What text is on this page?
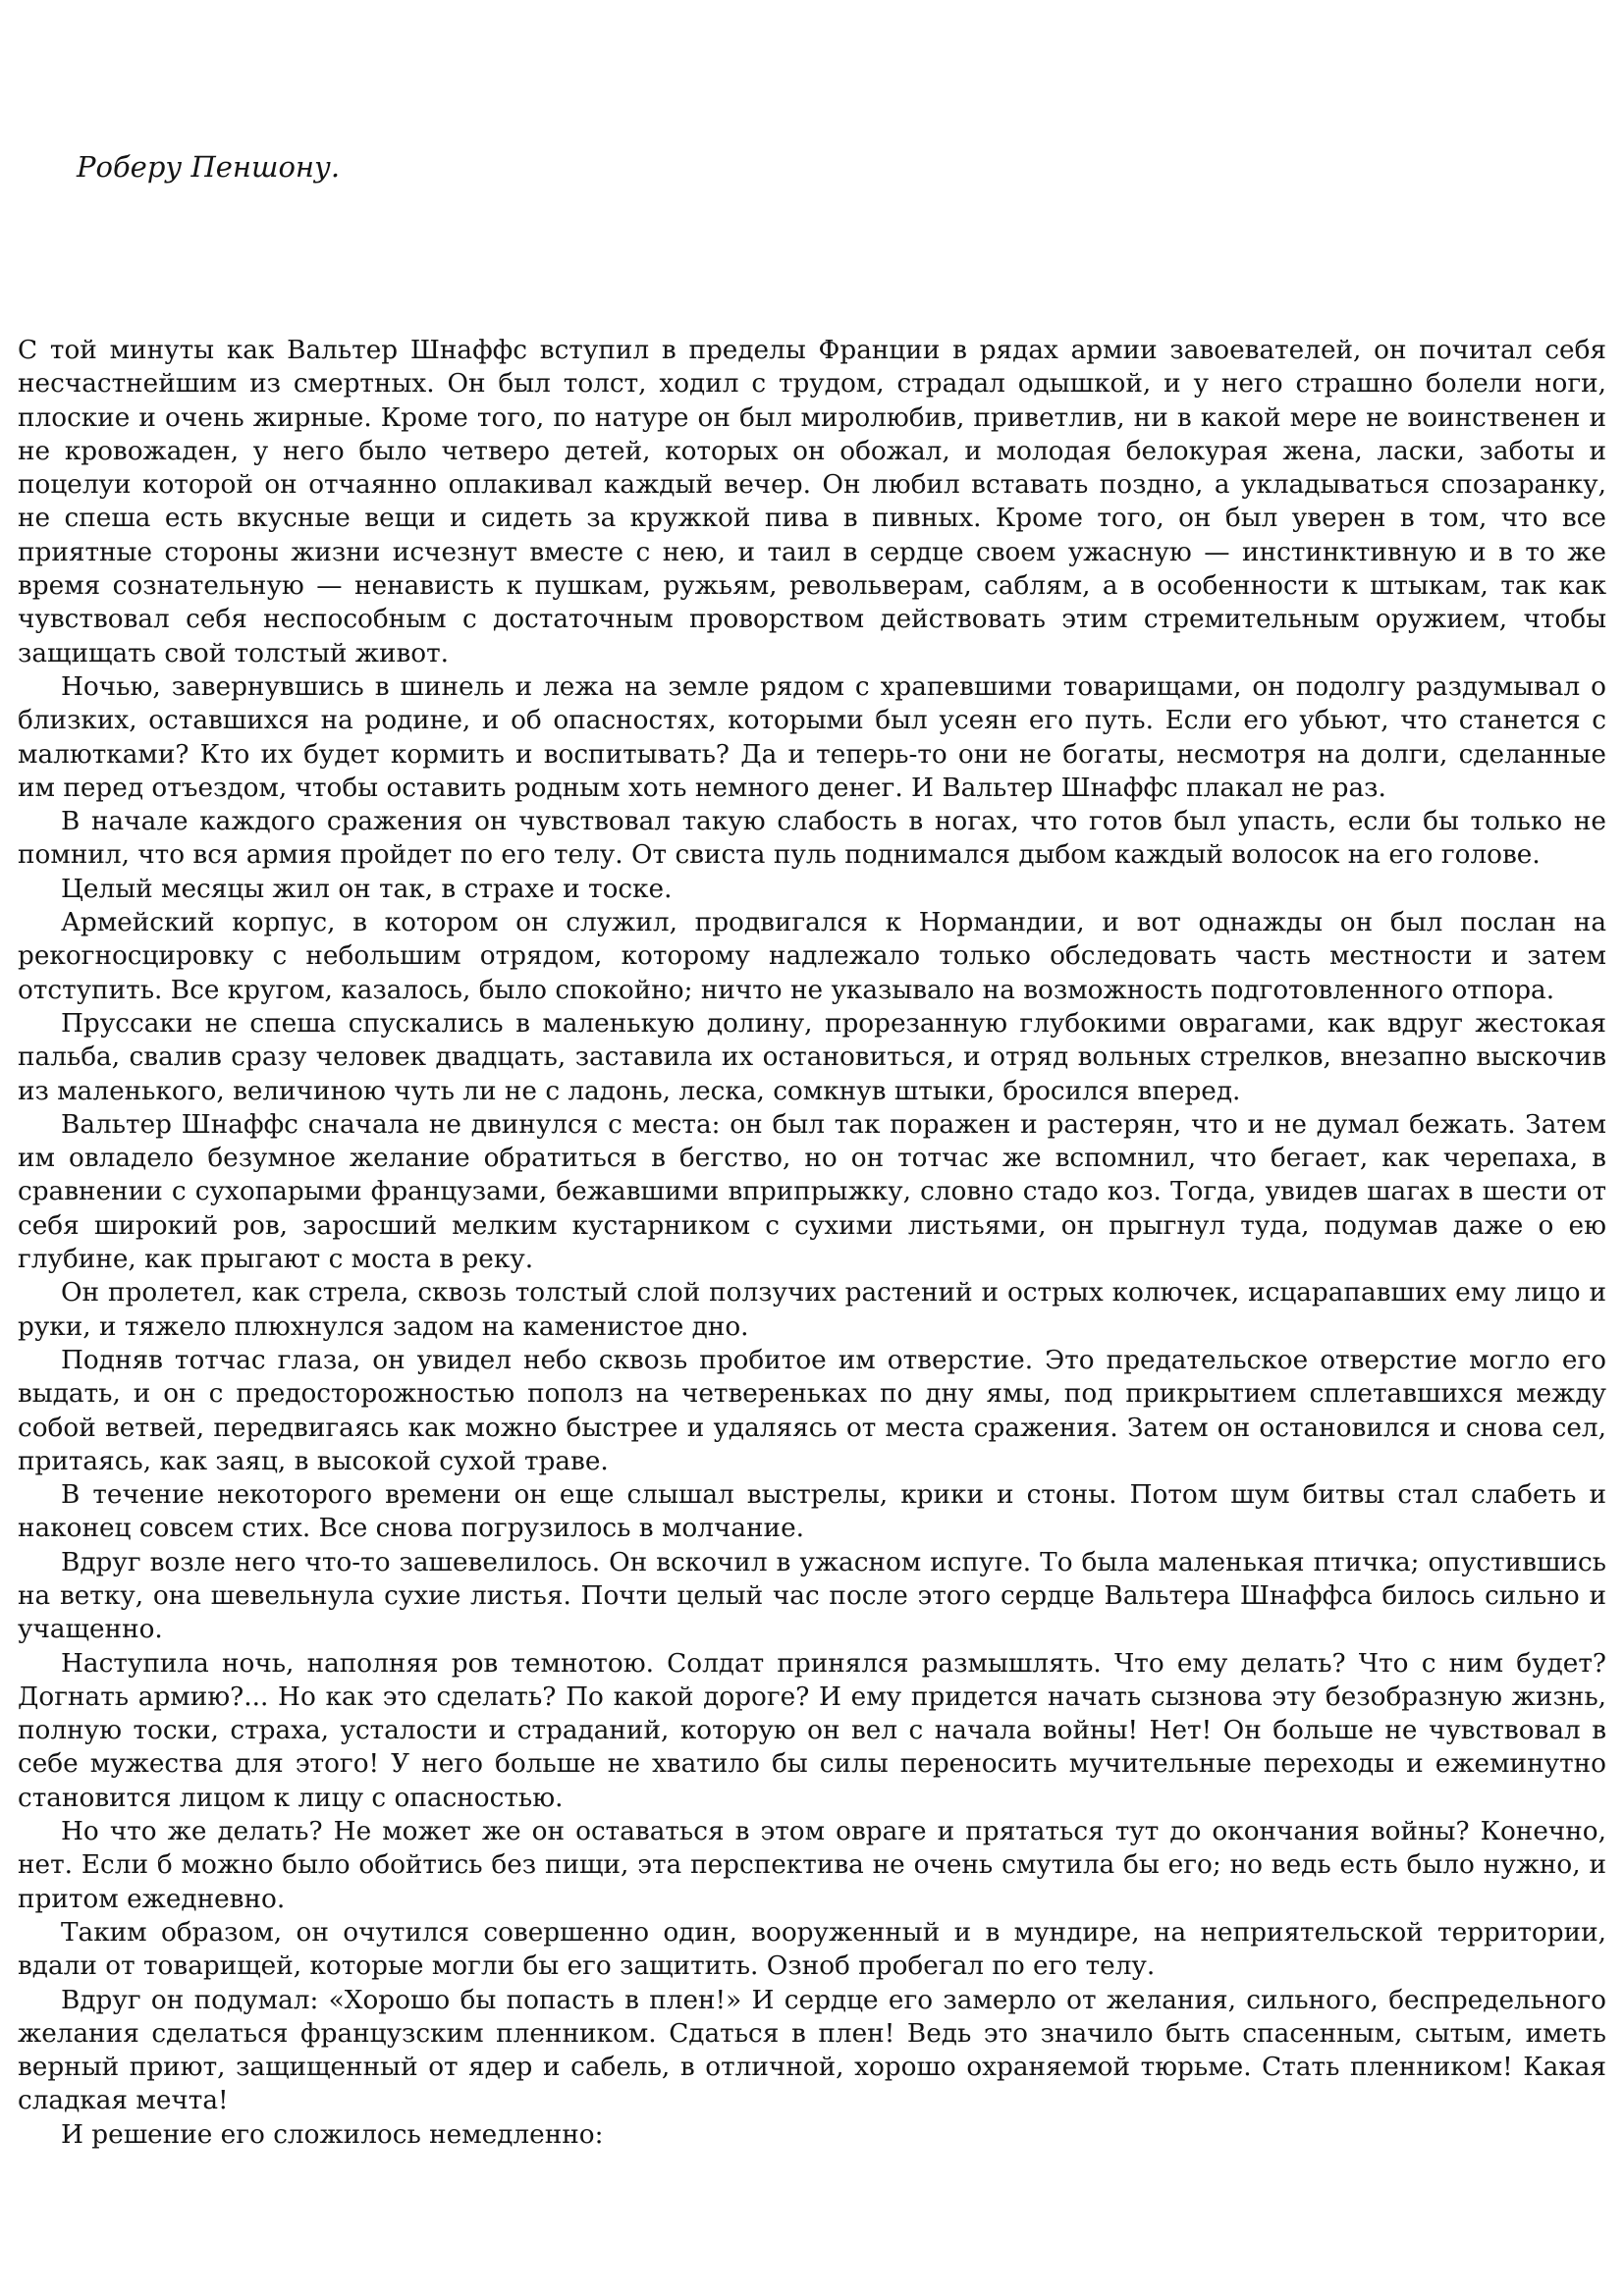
Роберу Пеншону.

С той минуты как Вальтер Шнаффс вступил в пределы Франции в рядах армии завоевателей, он почитал себя несчастнейшим из смертных. Он был толст, ходил с трудом, страдал одышкой, и у него страшно болели ноги, плоские и очень жирные. Кроме того, по натуре он был миролюбив, приветлив, ни в какой мере не воинственен и не кровожаден, у него было четверо детей, которых он обожал, и молодая белокурая жена, ласки, заботы и поцелуи которой он отчаянно оплакивал каждый вечер. Он любил вставать поздно, а укладываться спозаранку, не спеша есть вкусные вещи и сидеть за кружкой пива в пивных. Кроме того, он был уверен в том, что все приятные стороны жизни исчезнут вместе с нею, и таил в сердце своем ужасную — инстинктивную и в то же время сознательную — ненависть к пушкам, ружьям, револьверам, саблям, а в особенности к штыкам, так как чувствовал себя неспособным с достаточным проворством действовать этим стремительным оружием, чтобы защищать свой толстый живот.

Ночью, завернувшись в шинель и лежа на земле рядом с храпевшими товарищами, он подолгу раздумывал о близких, оставшихся на родине, и об опасностях, которыми был усеян его путь. Если его убьют, что станется с малютками? Кто их будет кормить и воспитывать? Да и теперь-то они не богаты, несмотря на долги, сделанные им перед отъездом, чтобы оставить родным хоть немного денег. И Вальтер Шнаффс плакал не раз.

В начале каждого сражения он чувствовал такую слабость в ногах, что готов был упасть, если бы только не помнил, что вся армия пройдет по его телу. От свиста пуль поднимался дыбом каждый волосок на его голове.

Целый месяцы жил он так, в страхе и тоске.

Армейский корпус, в котором он служил, продвигался к Нормандии, и вот однажды он был послан на рекогносцировку с небольшим отрядом, которому надлежало только обследовать часть местности и затем отступить. Все кругом, казалось, было спокойно; ничто не указывало на возможность подготовленного отпора.

Пруссаки не спеша спускались в маленькую долину, прорезанную глубокими оврагами, как вдруг жестокая пальба, свалив сразу человек двадцать, заставила их остановиться, и отряд вольных стрелков, внезапно выскочив из маленького, величиною чуть ли не с ладонь, леска, сомкнув штыки, бросился вперед.

Вальтер Шнаффс сначала не двинулся с места: он был так поражен и растерян, что и не думал бежать. Затем им овладело безумное желание обратиться в бегство, но он тотчас же вспомнил, что бегает, как черепаха, в сравнении с сухопарыми французами, бежавшими вприпрыжку, словно стадо коз. Тогда, увидев шагах в шести от себя широкий ров, заросший мелким кустарником с сухими листьями, он прыгнул туда, подумав даже о ею глубине, как прыгают с моста в реку.

Он пролетел, как стрела, сквозь толстый слой ползучих растений и острых колючек, исцарапавших ему лицо и руки, и тяжело плюхнулся задом на каменистое дно.

Подняв тотчас глаза, он увидел небо сквозь пробитое им отверстие. Это предательское отверстие могло его выдать, и он с предосторожностью пополз на четвереньках по дну ямы, под прикрытием сплетавшихся между собой ветвей, передвигаясь как можно быстрее и удаляясь от места сражения. Затем он остановился и снова сел, притаясь, как заяц, в высокой сухой траве.

В течение некоторого времени он еще слышал выстрелы, крики и стоны. Потом шум битвы стал слабеть и наконец совсем стих. Все снова погрузилось в молчание.

Вдруг возле него что-то зашевелилось. Он вскочил в ужасном испуге. То была маленькая птичка; опустившись на ветку, она шевельнула сухие листья. Почти целый час после этого сердце Вальтера Шнаффса билось сильно и учащенно.

Наступила ночь, наполняя ров темнотою. Солдат принялся размышлять. Что ему делать? Что с ним будет? Догнать армию?... Но как это сделать? По какой дороге? И ему придется начать сызнова эту безобразную жизнь, полную тоски, страха, усталости и страданий, которую он вел с начала войны! Нет! Он больше не чувствовал в себе мужества для этого! У него больше не хватило бы силы переносить мучительные переходы и ежеминутно становится лицом к лицу с опасностью.

Но что же делать? Не может же он оставаться в этом овраге и прятаться тут до окончания войны? Конечно, нет. Если б можно было обойтись без пищи, эта перспектива не очень смутила бы его; но ведь есть было нужно, и притом ежедневно.

Таким образом, он очутился совершенно один, вооруженный и в мундире, на неприятельской территории, вдали от товарищей, которые могли бы его защитить. Озноб пробегал по его телу.

Вдруг он подумал: «Хорошо бы попасть в плен!» И сердце его замерло от желания, сильного, беспредельного желания сделаться французским пленником. Сдаться в плен! Ведь это значило быть спасенным, сытым, иметь верный приют, защищенный от ядер и сабель, в отличной, хорошо охраняемой тюрьме. Стать пленником! Какая сладкая мечта!

И решение его сложилось немедленно:
